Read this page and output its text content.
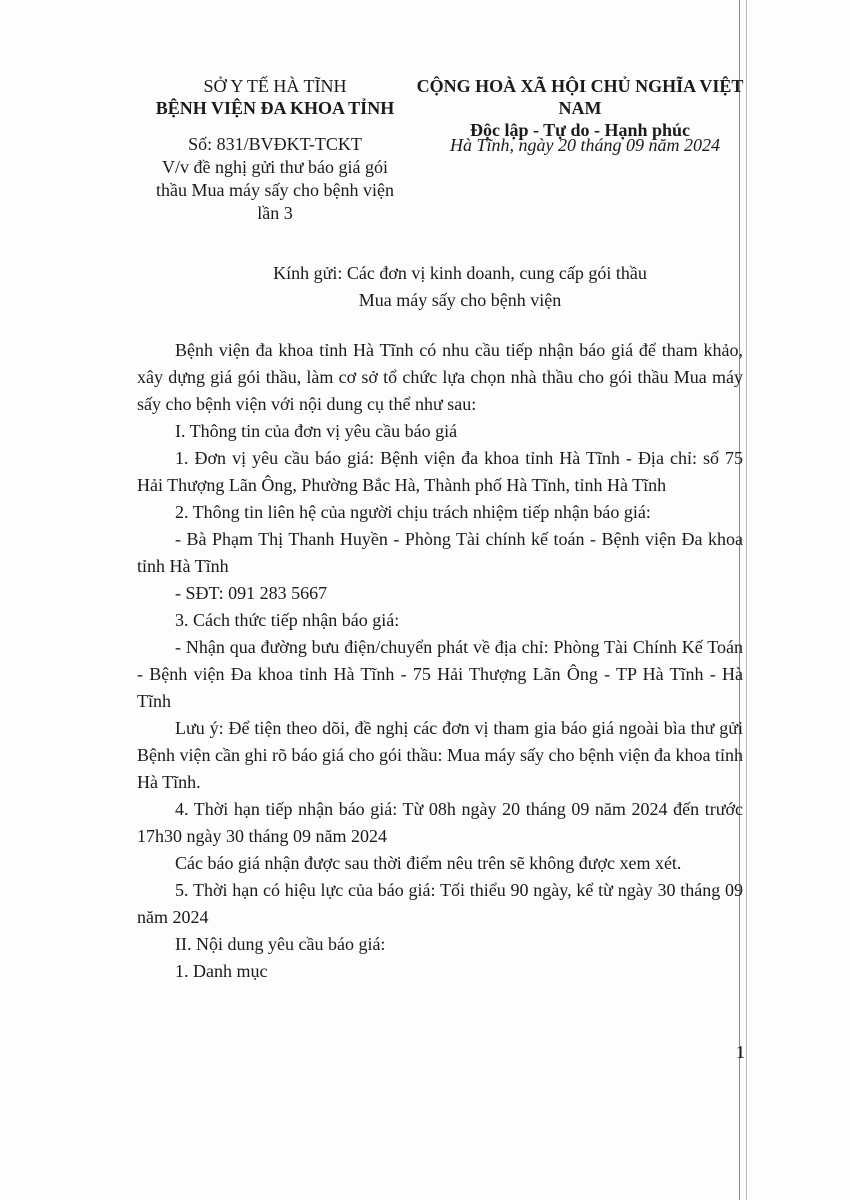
SỞ Y TẾ HÀ TĨNH
BỆNH VIỆN ĐA KHOA TỈNH
CỘNG HOÀ XÃ HỘI CHỦ NGHĨA VIỆT NAM
Độc lập - Tự do - Hạnh phúc
Số: 831/BVĐKT-TCKT
V/v đề nghị gửi thư báo giá gói
thầu Mua máy sấy cho bệnh viện
lần 3
Hà Tĩnh, ngày 20 tháng 09 năm 2024
Kính gửi: Các đơn vị kinh doanh, cung cấp gói thầu
Mua máy sấy cho bệnh viện

Bệnh viện đa khoa tỉnh Hà Tĩnh có nhu cầu tiếp nhận báo giá để tham khảo, xây dựng giá gói thầu, làm cơ sở tổ chức lựa chọn nhà thầu cho gói thầu Mua máy sấy cho bệnh viện với nội dung cụ thể như sau:

I. Thông tin của đơn vị yêu cầu báo giá

1. Đơn vị yêu cầu báo giá: Bệnh viện đa khoa tỉnh Hà Tĩnh - Địa chỉ: số 75 Hải Thượng Lãn Ông, Phường Bắc Hà, Thành phố Hà Tĩnh, tỉnh Hà Tĩnh

2. Thông tin liên hệ của người chịu trách nhiệm tiếp nhận báo giá:

- Bà Phạm Thị Thanh Huyền - Phòng Tài chính kế toán - Bệnh viện Đa khoa tỉnh Hà Tĩnh

- SĐT: 091 283 5667

3. Cách thức tiếp nhận báo giá:

- Nhận qua đường bưu điện/chuyển phát về địa chỉ: Phòng Tài Chính Kế Toán - Bệnh viện Đa khoa tỉnh Hà Tĩnh - 75 Hải Thượng Lãn Ông - TP Hà Tĩnh - Hà Tĩnh

Lưu ý: Để tiện theo dõi, đề nghị các đơn vị tham gia báo giá ngoài bìa thư gửi Bệnh viện cần ghi rõ báo giá cho gói thầu: Mua máy sấy cho bệnh viện đa khoa tỉnh Hà Tĩnh.

4. Thời hạn tiếp nhận báo giá: Từ 08h ngày 20 tháng 09 năm 2024 đến trước 17h30 ngày 30 tháng 09 năm 2024

Các báo giá nhận được sau thời điểm nêu trên sẽ không được xem xét.

5. Thời hạn có hiệu lực của báo giá: Tối thiểu 90 ngày, kể từ ngày 30 tháng 09 năm 2024

II. Nội dung yêu cầu báo giá:

1. Danh mục

1
